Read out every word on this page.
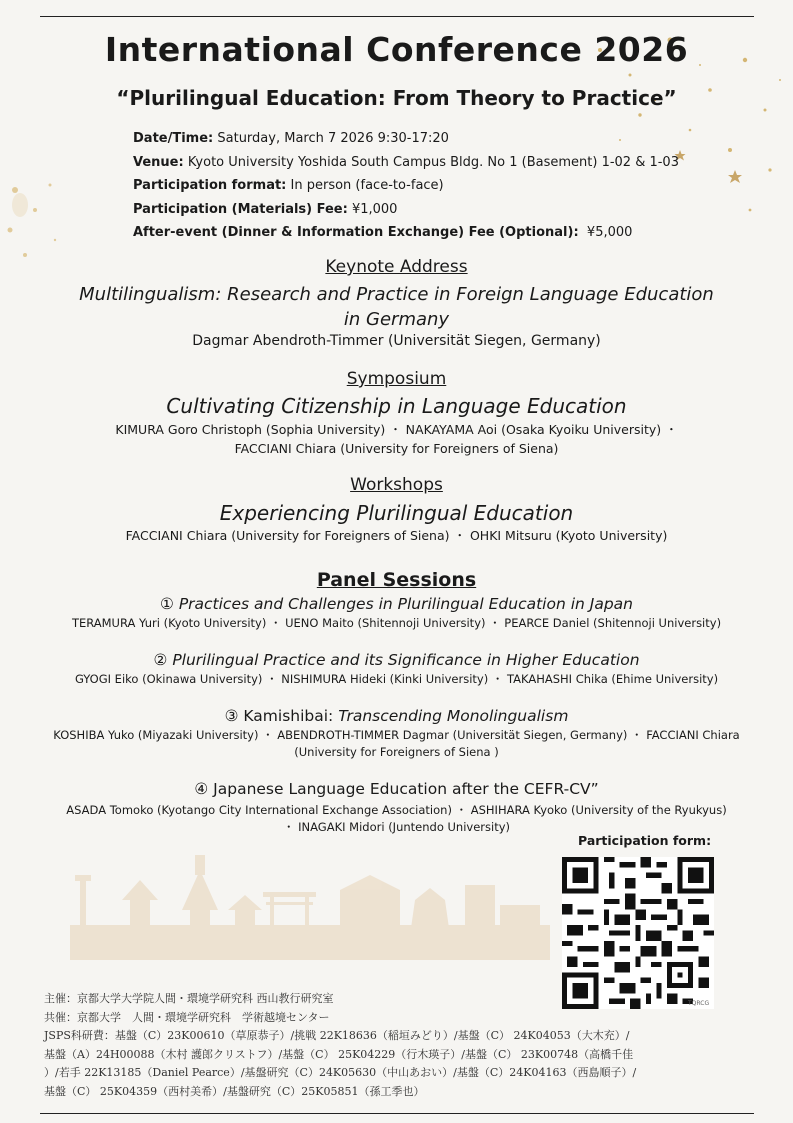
International Conference 2026
“Plurilingual Education: From Theory to Practice”
Date/Time: Saturday, March 7 2026 9:30-17:20
Venue: Kyoto University Yoshida South Campus Bldg. No 1 (Basement) 1-02 & 1-03
Participation format: In person (face-to-face)
Participation (Materials) Fee: ¥1,000
After-event (Dinner & Information Exchange) Fee (Optional): ¥5,000
Keynote Address
Multilingualism: Research and Practice in Foreign Language Education
in Germany
Dagmar Abendroth-Timmer (Universität Siegen, Germany)
Symposium
Cultivating Citizenship in Language Education
KIMURA Goro Christoph (Sophia University) ・ NAKAYAMA Aoi (Osaka Kyoiku University) ・
FACCIANI Chiara (University for Foreigners of Siena)
Workshops
Experiencing Plurilingual Education
FACCIANI Chiara (University for Foreigners of Siena) ・ OHKI Mitsuru (Kyoto University)
Panel Sessions
① Practices and Challenges in Plurilingual Education in Japan
TERAMURA Yuri (Kyoto University) ・ UENO Maito (Shitennoji University) ・ PEARCE Daniel (Shitennoji University)
② Plurilingual Practice and its Significance in Higher Education
GYOGI Eiko (Okinawa University) ・ NISHIMURA Hideki (Kinki University) ・ TAKAHASHI Chika (Ehime University)
③ Kamishibai: Transcending Monolingualism
KOSHIBA Yuko (Miyazaki University) ・ ABENDROTH-TIMMER Dagmar (Universität Siegen, Germany) ・ FACCIANI Chiara
(University for Foreigners of Siena )
④ Japanese Language Education after the CEFR-CV”
ASADA Tomoko (Kyotango City International Exchange Association) ・ ASHIHARA Kyoko (University of the Ryukyus)
・ INAGAKI Midori (Juntendo University)
Participation form:
TQRCG
主催：京都大学大学院人間・環境学研究科 西山教行研究室
共催：京都大学　人間・環境学研究科　学術越境センター
JSPS科研費：基盤（C）23K00610（草原恭子）/挑戦 22K18636（稲垣みどり）/基盤（C） 24K04053（大木充）/
基盤（A）24H00088（木村 護郎クリストフ）/基盤（C） 25K04229（行木瑛子）/基盤（C） 23K00748（高橋千佳
）/若手 22K13185（Daniel Pearce）/基盤研究（C）24K05630（中山あおい）/基盤（C）24K04163（西島順子）/
基盤（C） 25K04359（西村美希）/基盤研究（C）25K05851（孫工季也）
